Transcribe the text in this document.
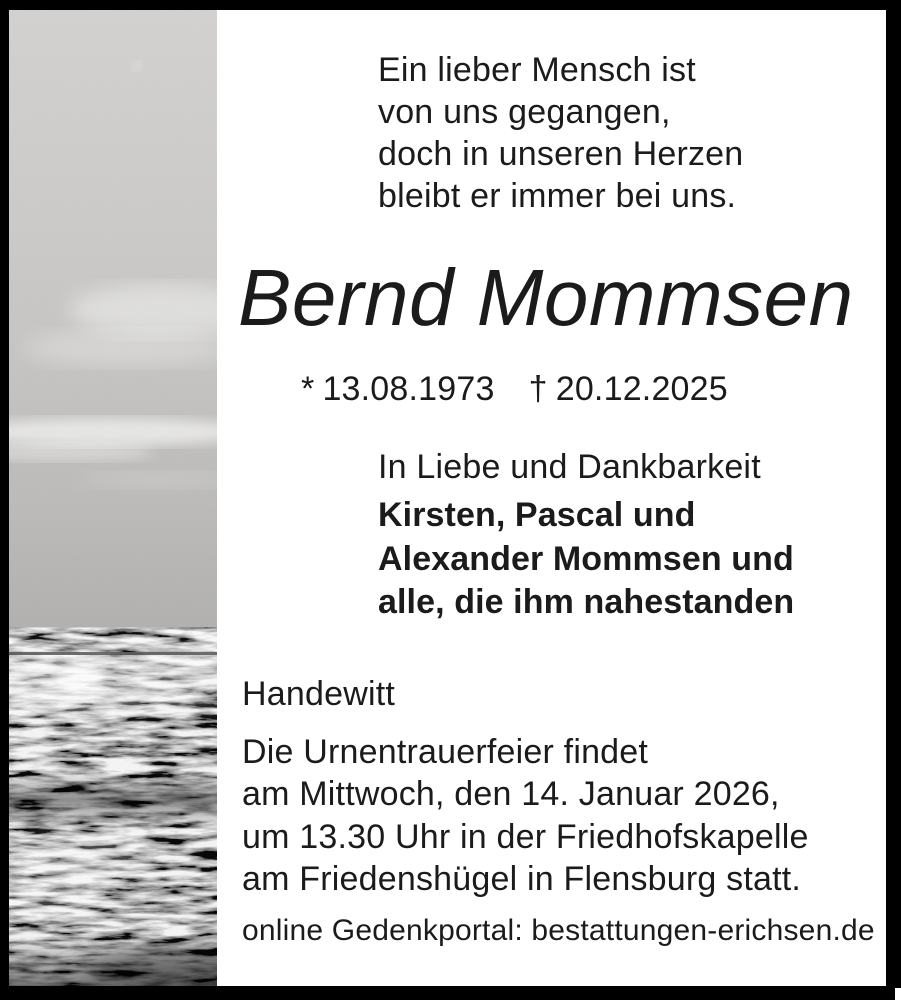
Ein lieber Mensch ist
von uns gegangen,
doch in unseren Herzen
bleibt er immer bei uns.
Bernd Mommsen
* 13.08.1973 † 20.12.2025
In Liebe und Dankbarkeit
Kirsten, Pascal und
Alexander Mommsen und
alle, die ihm nahestanden
Handewitt
Die Urnentrauerfeier findet
am Mittwoch, den 14. Januar 2026,
um 13.30 Uhr in der Friedhofskapelle
am Friedenshügel in Flensburg statt.
online Gedenkportal: bestattungen-erichsen.de
